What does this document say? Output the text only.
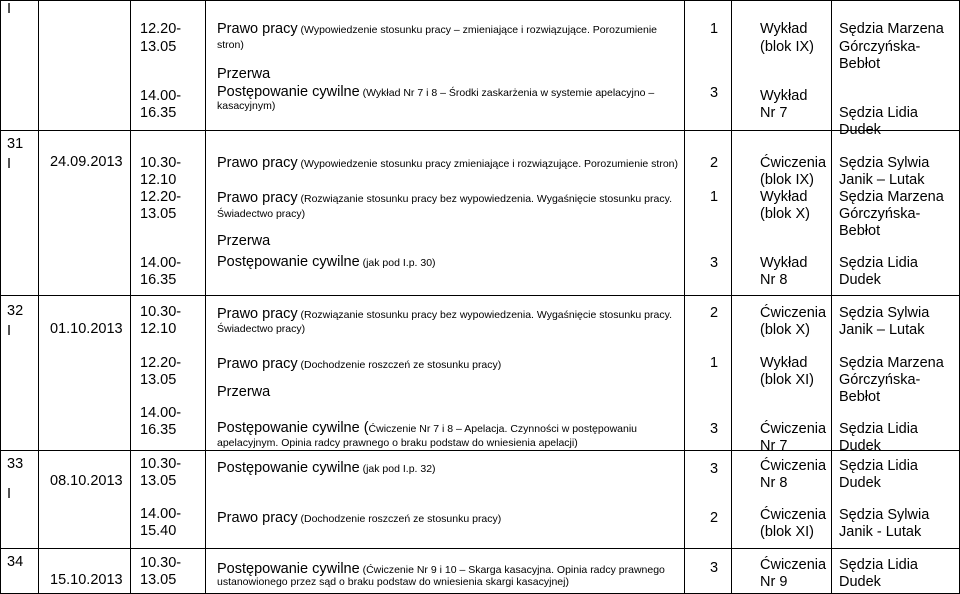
31
I
32
I
33
I
34
I
24.09.2013
01.10.2013
08.10.2013
15.10.2013
12.20-
13.05
14.00-
16.35
10.30-
12.10
12.20-
13.05
14.00-
16.35
10.30-
12.10
12.20-
13.05
14.00-
16.35
10.30-
13.05
14.00-
15.40
10.30-
13.05
Prawo pracy (Wypowiedzenie stosunku pracy – zmieniające i rozwiązujące. Porozumienie
stron)
Przerwa
Postępowanie cywilne (Wykład Nr 7 i 8 – Środki zaskarżenia w systemie apelacyjno –
kasacyjnym)
Prawo pracy (Wypowiedzenie stosunku pracy zmieniające i rozwiązujące. Porozumienie stron)
Prawo pracy (Rozwiązanie stosunku pracy bez wypowiedzenia. Wygaśnięcie stosunku pracy.
Świadectwo pracy)
Przerwa
Postępowanie cywilne (jak pod I.p. 30)
Prawo pracy (Rozwiązanie stosunku pracy bez wypowiedzenia. Wygaśnięcie stosunku pracy.
Świadectwo pracy)
Prawo pracy (Dochodzenie roszczeń ze stosunku pracy)
Przerwa
Postępowanie cywilne (Ćwiczenie Nr 7 i 8 – Apelacja. Czynności w postępowaniu
apelacyjnym. Opinia radcy prawnego o braku podstaw do wniesienia apelacji)
Postępowanie cywilne (jak pod I.p. 32)
Prawo pracy (Dochodzenie roszczeń ze stosunku pracy)
Postępowanie cywilne (Ćwiczenie Nr 9 i 10 – Skarga kasacyjna. Opinia radcy prawnego
ustanowionego przez sąd o braku podstaw do wniesienia skargi kasacyjnej)
1
3
2
1
3
2
1
3
3
2
3
Wykład
(blok IX)
Wykład
Nr 7
Ćwiczenia
(blok IX)
Wykład
(blok X)
Wykład
Nr 8
Ćwiczenia
(blok X)
Wykład
(blok XI)
Ćwiczenia
Nr 7
Ćwiczenia
Nr 8
Ćwiczenia
(blok XI)
Ćwiczenia
Nr 9
Sędzia Marzena
Górczyńska-
Bebłot
Sędzia Lidia
Dudek
Sędzia Sylwia
Janik – Lutak
Sędzia Marzena
Górczyńska-
Bebłot
Sędzia Lidia
Dudek
Sędzia Sylwia
Janik – Lutak
Sędzia Marzena
Górczyńska-
Bebłot
Sędzia Lidia
Dudek
Sędzia Lidia
Dudek
Sędzia Sylwia
Janik - Lutak
Sędzia Lidia
Dudek
